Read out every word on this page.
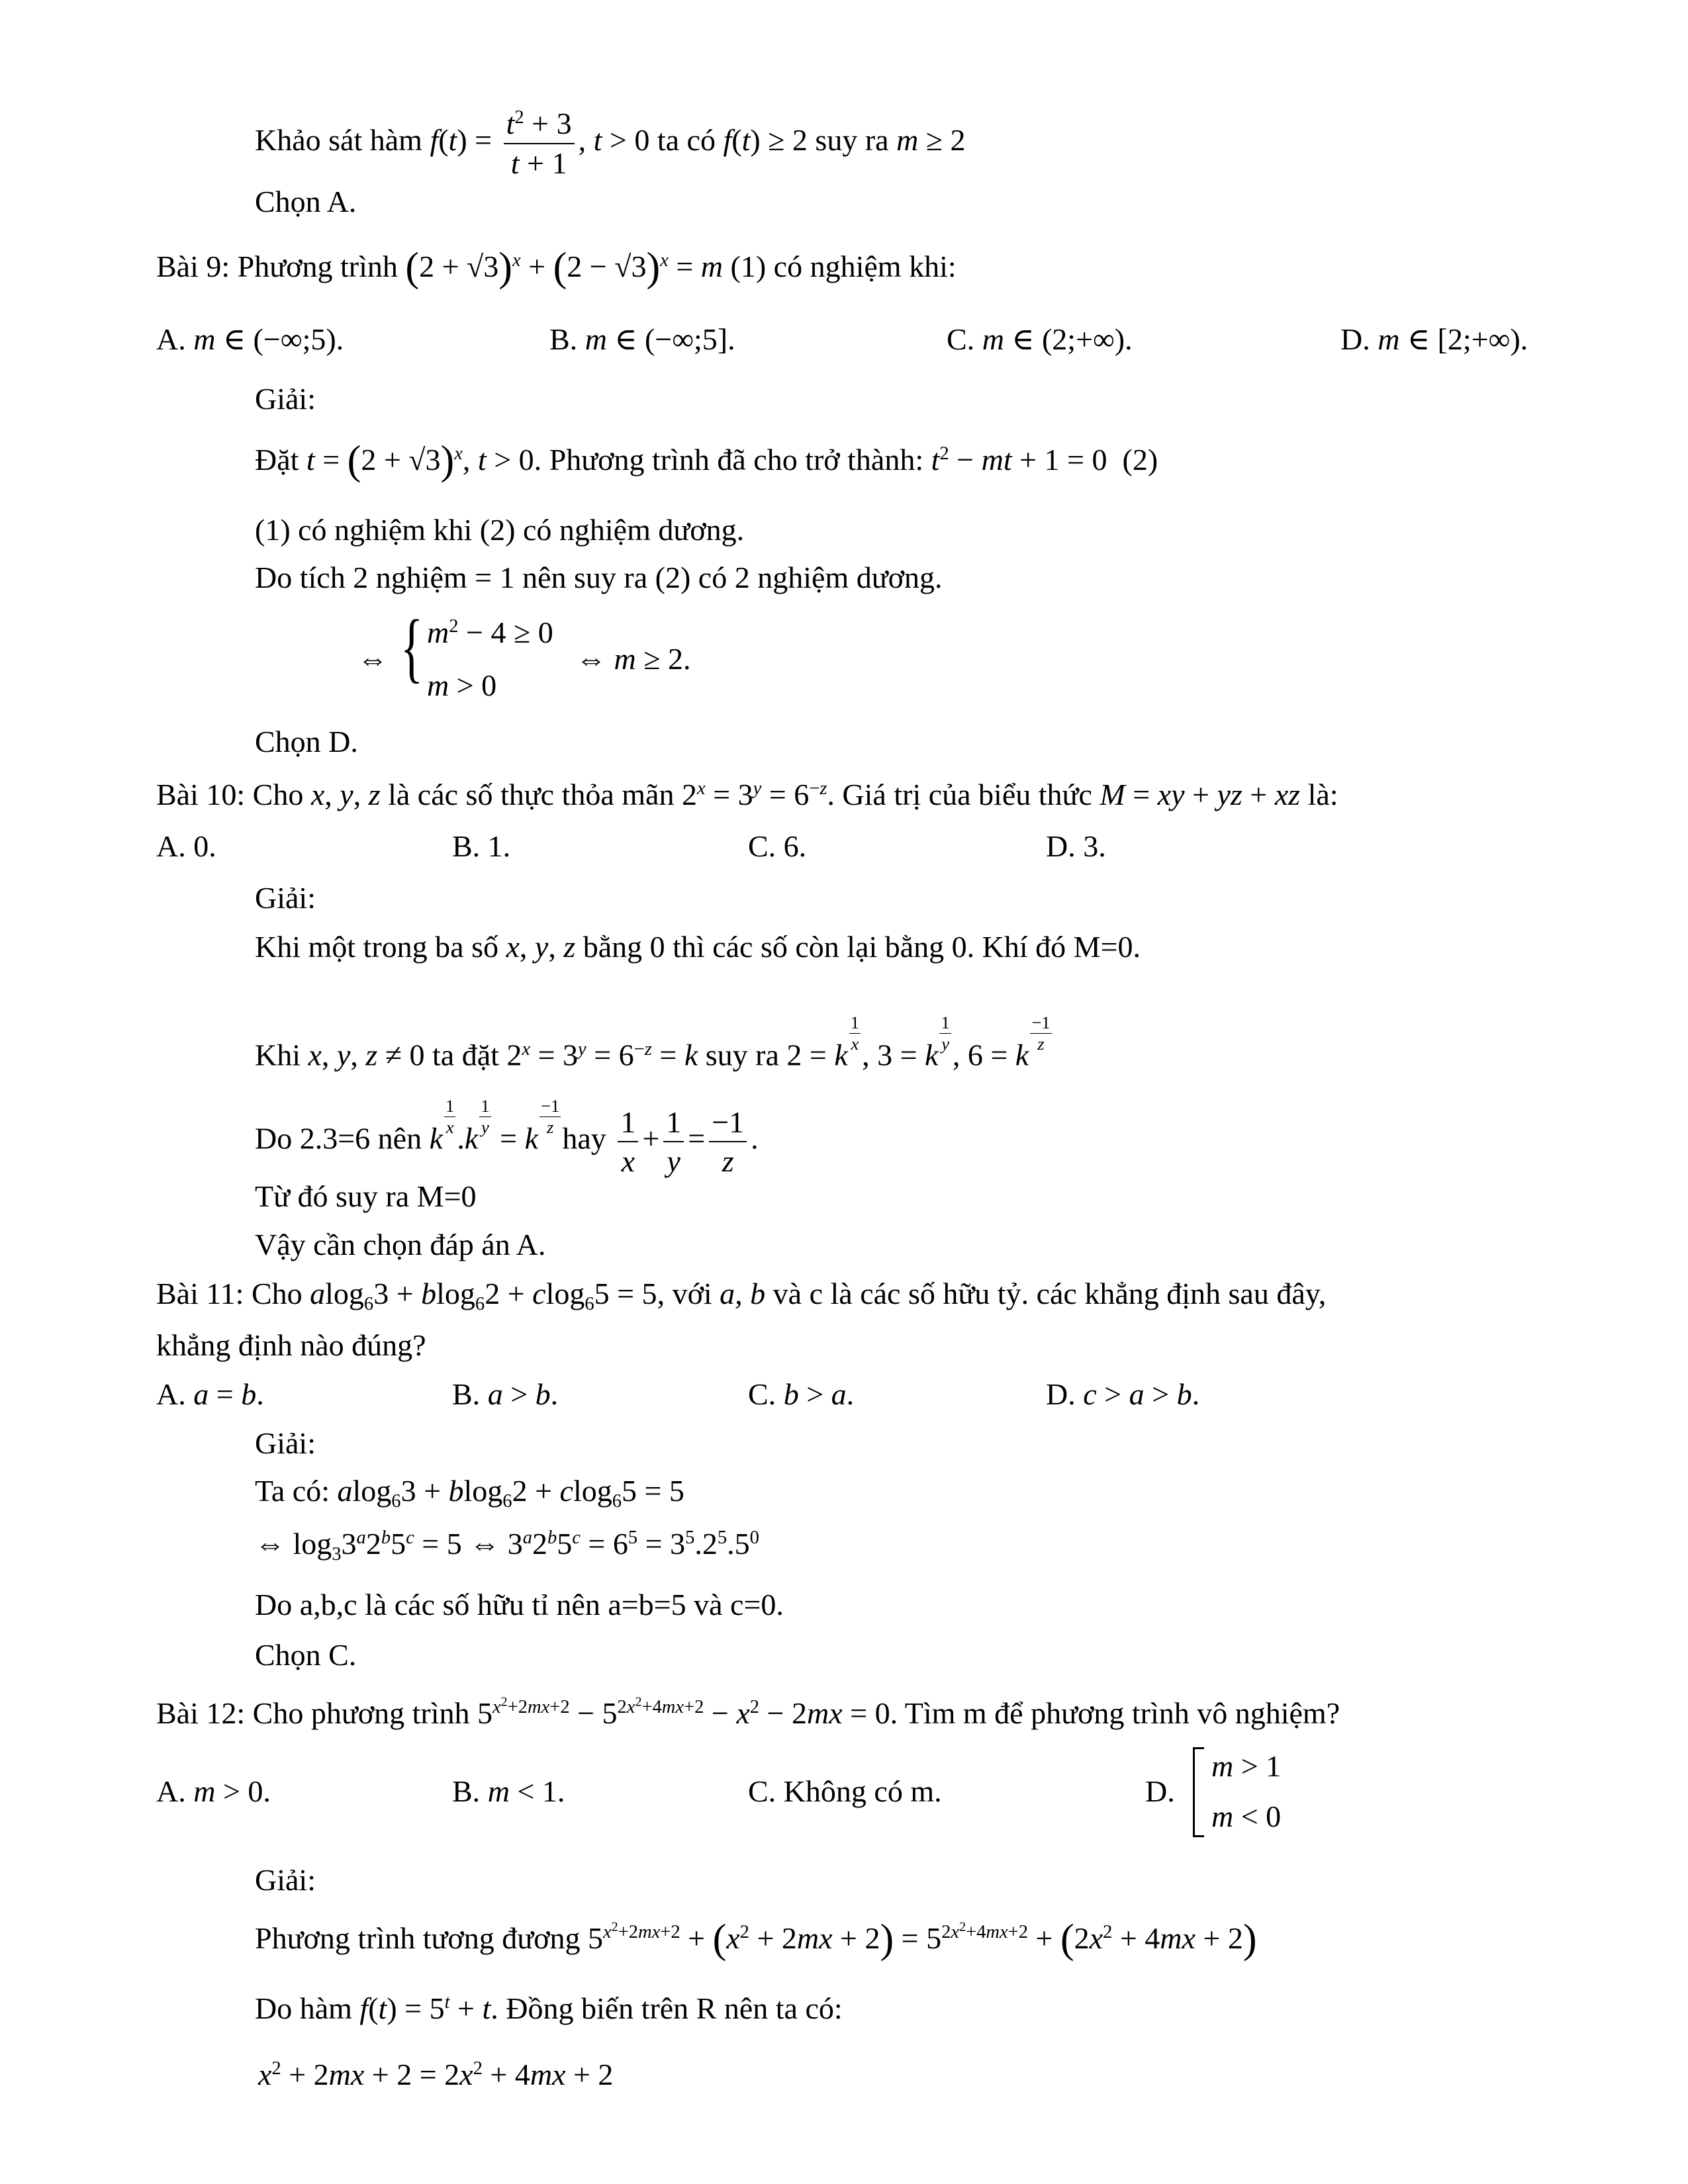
Khảo sát hàm $f(t) = \frac{t^2 + 3}{t + 1}$ , t > 0 ta có f(t) ≥ 2 suy ra m ≥ 2
Chọn A.
Bài 9: Phương trình $(2 + √3)^x + (2 - √3)^x = m$ (1) có nghiệm khi:
A. m ∈ (−∞;5).	B. m ∈ (−∞;5].	C. m ∈ (2;+∞).	D. m ∈ [2;+∞).
Giải:
Đặt $t = (2 + √3)^x$, t > 0. Phương trình đã cho trở thành: $t^2$ − mt + 1 = 0  (2)
(1) có nghiệm khi (2) có nghiệm dương.
Do tích 2 nghiệm = 1 nên suy ra (2) có 2 nghiệm dương.
⇔ { $m^2 - 4 \ge 0$
m > 0
⇔ m ≥ 2.
Chọn D.
Bài 10: Cho x, y, z là các số thực thỏa mãn $2^x = 3^y = 6^{-z}$. Giá trị của biểu thức M = xy + yz + xz là:
A. 0.	B. 1.	C. 6.	D. 3.
Giải:
Khi một trong ba số x, y, z bằng 0 thì các số còn lại bằng 0. Khí đó M=0.
Khi x, y, z ≠ 0 ta đặt $2^x = 3^y = 6^{-z} = k$ suy ra 2 = k
$\frac{1}{x}$
, 3 = k
$\frac{1}{y}$
, 6 = k
$\frac{-1}{z}$
Do 2.3=6 nên k
$\frac{1}{x}$
.k
$\frac{1}{y}$
= k
$\frac{-1}{z}$
hay $\frac{1}{x} + \frac{1}{y} = \frac{-1}{z}$ .
Từ đó suy ra M=0
Vậy cần chọn đáp án A.
Bài 11: Cho alog63 + blog62 + clog65 = 5, với a, b và c là các số hữu tỷ. các khẳng định sau đây,
khẳng định nào đúng?
A. a = b.	B. a > b.	C. b > a.	D. c > a > b.
Giải:
Ta có: alog63 + blog62 + clog65 = 5
⇔ $\log 33^a2^b5^c = 5$ ⇔ $3^a2^b5^c = 6^5 = 3^5.2^5.5^0$
Do a,b,c là các số hữu tỉ nên a=b=5 và c=0.
Chọn C.
Bài 12: Cho phương trình $5^{x^2+2mx+2} - 5^{2x^2+4mx+2} - x^2 - 2mx = 0$. Tìm m để phương trình vô nghiệm?
A. m > 0.	B. m < 1.	C. Không có m.	D.
m > 1
m < 0
Giải:
Phương trình tương đương $5^{x^2+2mx+2} + (x^2 + 2mx + 2) = 5^{2x^2+4mx+2} + (2x^2 + 4mx + 2)$
Do hàm $f(t) = 5^t + t$. Đồng biến trên R nên ta có:
$x^2 + 2mx + 2 = 2x^2 + 4mx + 2$
